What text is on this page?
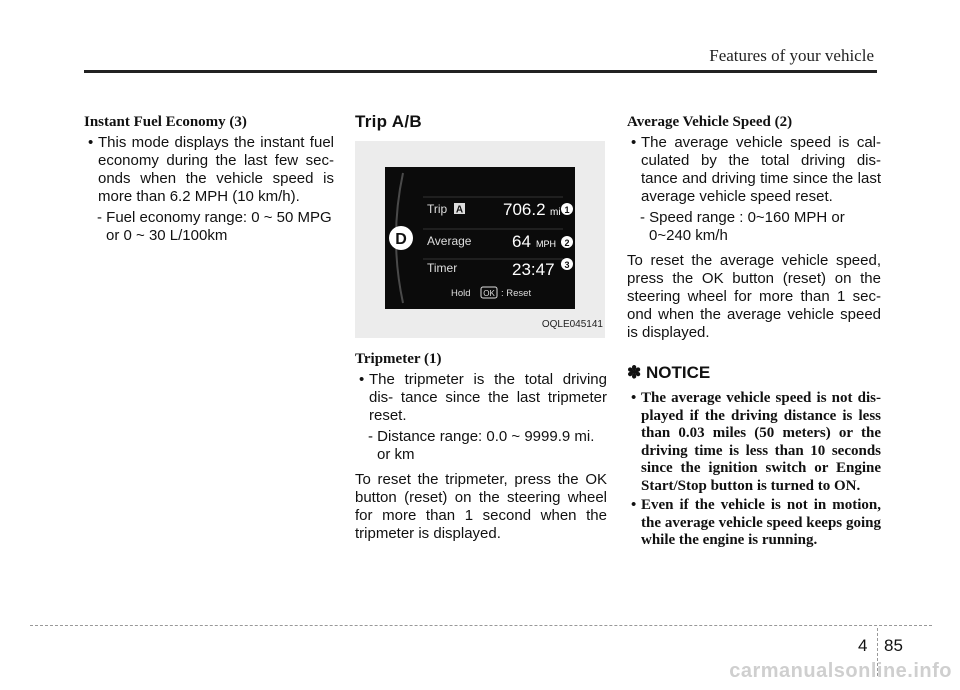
Features of your vehicle

Instant Fuel Economy (3)

• This mode displays the instant fuel economy during the last few sec- onds when the vehicle speed is more than 6.2 MPH (10 km/h).

- Fuel economy range: 0 ~ 50 MPG or 0 ~ 30 L/100km

Trip A/B

D
Trip A 706.2 mi
Average 64 MPH
Timer	23:47
Hold OK : Reset
1
2
3
OQLE045141

Tripmeter (1)

• The tripmeter is the total driving dis- tance since the last tripmeter reset.

- Distance range: 0.0 ~ 9999.9 mi. or km

To reset the tripmeter, press the OK button (reset) on the steering wheel for more than 1 second when the tripmeter is displayed.

Average Vehicle Speed (2)

• The average vehicle speed is cal- culated by the total driving dis- tance and driving time since the last average vehicle speed reset.

- Speed range : 0~160 MPH or 0~240 km/h

To reset the average vehicle speed, press the OK button (reset) on the steering wheel for more than 1 sec- ond when the average vehicle speed is displayed.

✽ NOTICE

• The average vehicle speed is not dis- played if the driving distance is less than 0.03 miles (50 meters) or the driving time is less than 10 seconds since the ignition switch or Engine Start/Stop button is turned to ON.

• Even if the vehicle is not in motion, the average vehicle speed keeps going while the engine is running.

4 85
carmanualsonline.info
